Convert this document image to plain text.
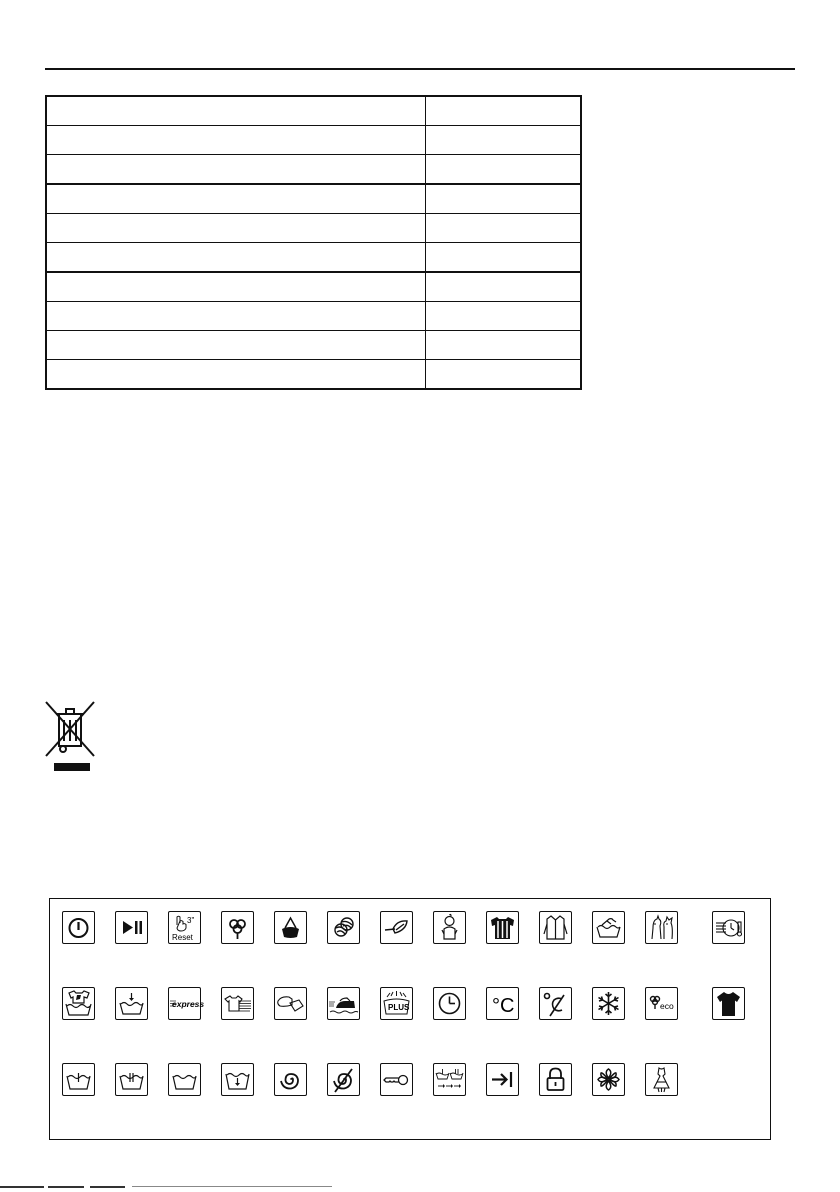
3"
Reset
express	PLUS	°C	eco
